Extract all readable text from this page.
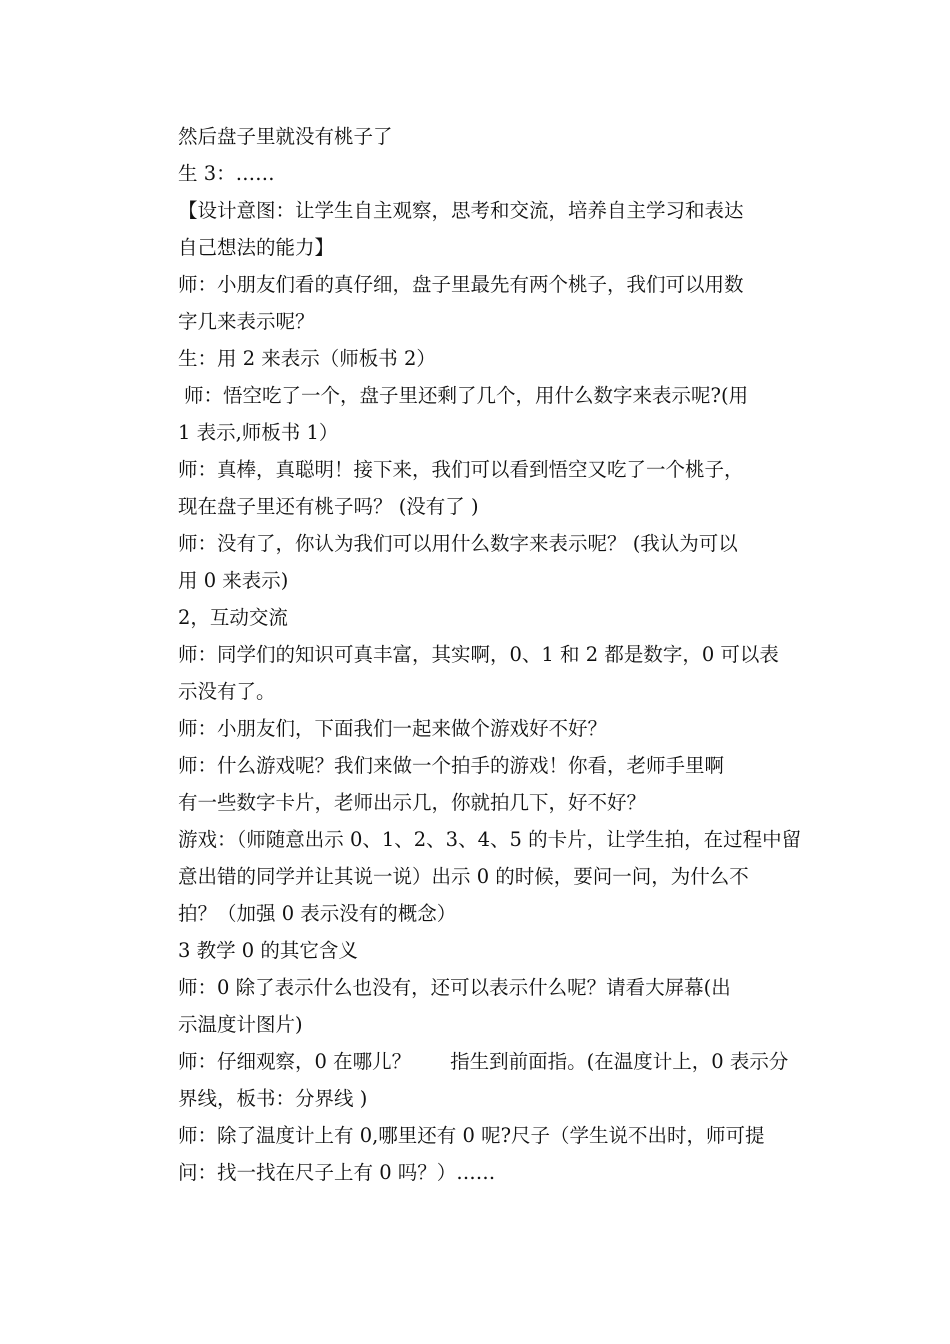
然后盘子里就没有桃子了
生 3：……
【设计意图：让学生自主观察，思考和交流，培养自主学习和表达
自己想法的能力】
师：小朋友们看的真仔细，盘子里最先有两个桃子，我们可以用数
字几来表示呢？
生：用 2 来表示（师板书 2）
师：悟空吃了一个，盘子里还剩了几个，用什么数字来表示呢?(用
1 表示,师板书 1）
师：真棒，真聪明！接下来，我们可以看到悟空又吃了一个桃子，
现在盘子里还有桃子吗？ (没有了 )
师：没有了，你认为我们可以用什么数字来表示呢？ (我认为可以
用 0 来表示)
2，互动交流
师：同学们的知识可真丰富，其实啊，0、1 和 2 都是数字，0 可以表
示没有了。
师：小朋友们，下面我们一起来做个游戏好不好？
师：什么游戏呢？我们来做一个拍手的游戏！你看，老师手里啊
有一些数字卡片，老师出示几，你就拍几下，好不好？
游戏：（师随意出示 0、1、2、3、4、5 的卡片，让学生拍，在过程中留
意出错的同学并让其说一说）出示 0 的时候，要问一问，为什么不
拍？（加强 0 表示没有的概念）
3 教学 0 的其它含义
师：0 除了表示什么也没有，还可以表示什么呢？请看大屏幕(出
示温度计图片)
师：仔细观察，0 在哪儿？　　指生到前面指。(在温度计上，0 表示分
界线，板书：分界线 )
师：除了温度计上有 0,哪里还有 0 呢?尺子（学生说不出时，师可提
问：找一找在尺子上有 0 吗？）……
